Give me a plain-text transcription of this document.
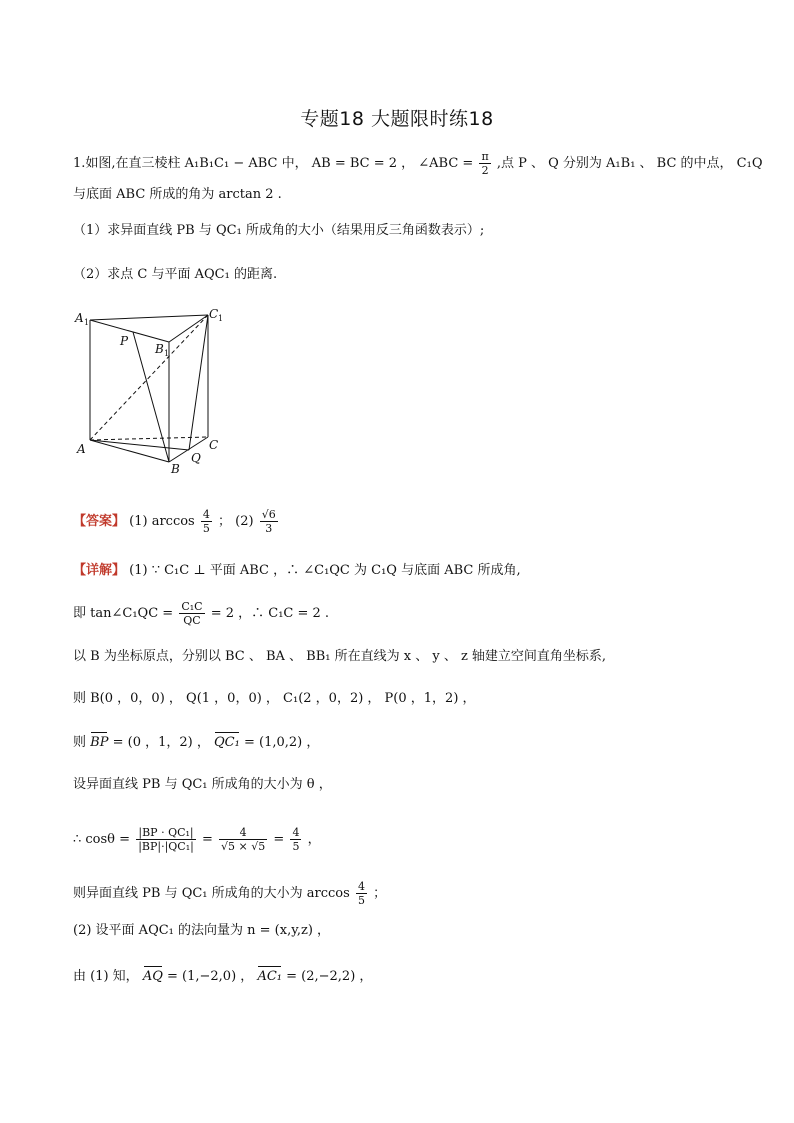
专题18 大题限时练18
1.如图,在直三棱柱 A₁B₁C₁ − ABC 中， AB = BC = 2 ， ∠ABC = $\frac{\pi}{2}$ ,点 P 、 Q 分别为 A₁B₁ 、 BC 的中点， C₁Q
与底面 ABC 所成的角为 arctan 2 .
（1）求异面直线 PB 与 QC₁ 所成角的大小（结果用反三角函数表示）;
（2）求点 C 与平面 AQC₁ 的距离.
A 1
C 1
P
B 1
A
B
C
Q
【答案】 (1) $\arccos \frac{4}{5}$ ； $(2) \frac{√6}{3}$
【详解】 (1) ∵ C₁C ⊥ 平面 ABC ，∴ ∠C₁QC 为 C₁Q 与底面 ABC 所成角,
即 tan∠C₁QC = $\frac{\text{C₁C}}{QC} = 2$ ，∴ C₁C = 2 .
以 B 为坐标原点，分别以 BC 、 BA 、 BB₁ 所在直线为 x 、 y 、 z 轴建立空间直角坐标系,
则 B(0 ，0，0) ， Q(1 ，0，0) ， C₁(2 ，0，2) ， P(0 ，1，2) ，
则 BP = (0 ，1，2) ， QC₁ = (1,0,2) ，
设异面直线 PB 与 QC₁ 所成角的大小为 θ ，
∴ $\cos\theta = \frac{\text{|BP · QC₁|}}{\text{|BP|·|QC₁|}} = \frac{4}{√5 \times √5} = \frac{4}{5}$ ，
则异面直线 PB 与 QC₁ 所成角的大小为 $\arccos \frac{4}{5}$ ；
(2) 设平面 AQC₁ 的法向量为 n = (x,y,z) ，
由 (1) 知， AQ = (1,−2,0) ， AC₁ = (2,−2,2) ，
